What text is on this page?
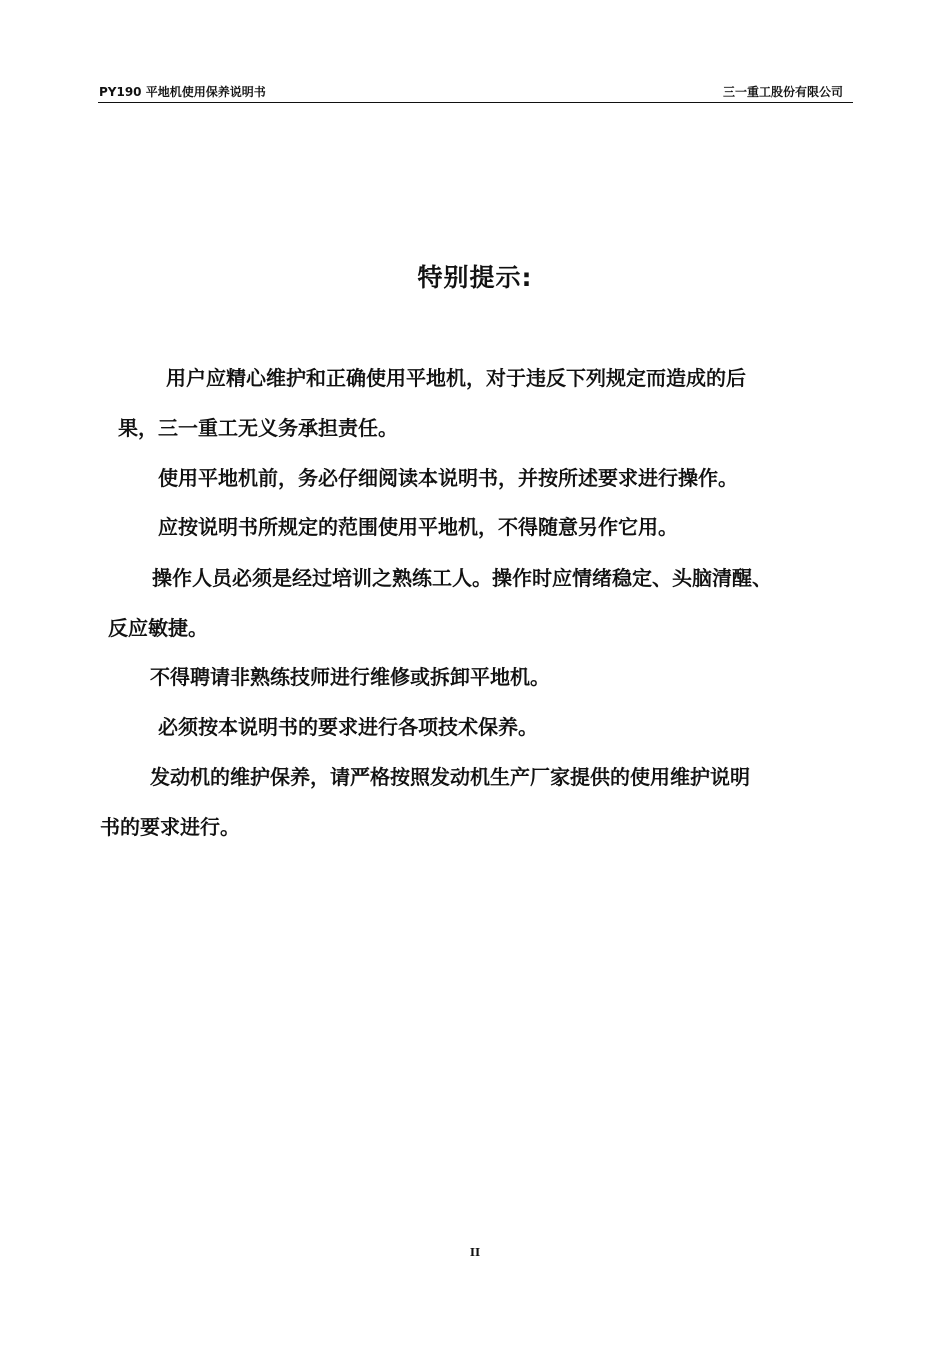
PY190 平地机使用保养说明书	三一重工股份有限公司
特别提示:
用户应精心维护和正确使用平地机，对于违反下列规定而造成的后
果，三一重工无义务承担责任。
使用平地机前，务必仔细阅读本说明书，并按所述要求进行操作。
应按说明书所规定的范围使用平地机，不得随意另作它用。
操作人员必须是经过培训之熟练工人。操作时应情绪稳定、头脑清醒、
反应敏捷。
不得聘请非熟练技师进行维修或拆卸平地机。
必须按本说明书的要求进行各项技术保养。
发动机的维护保养，请严格按照发动机生产厂家提供的使用维护说明
书的要求进行。
II
